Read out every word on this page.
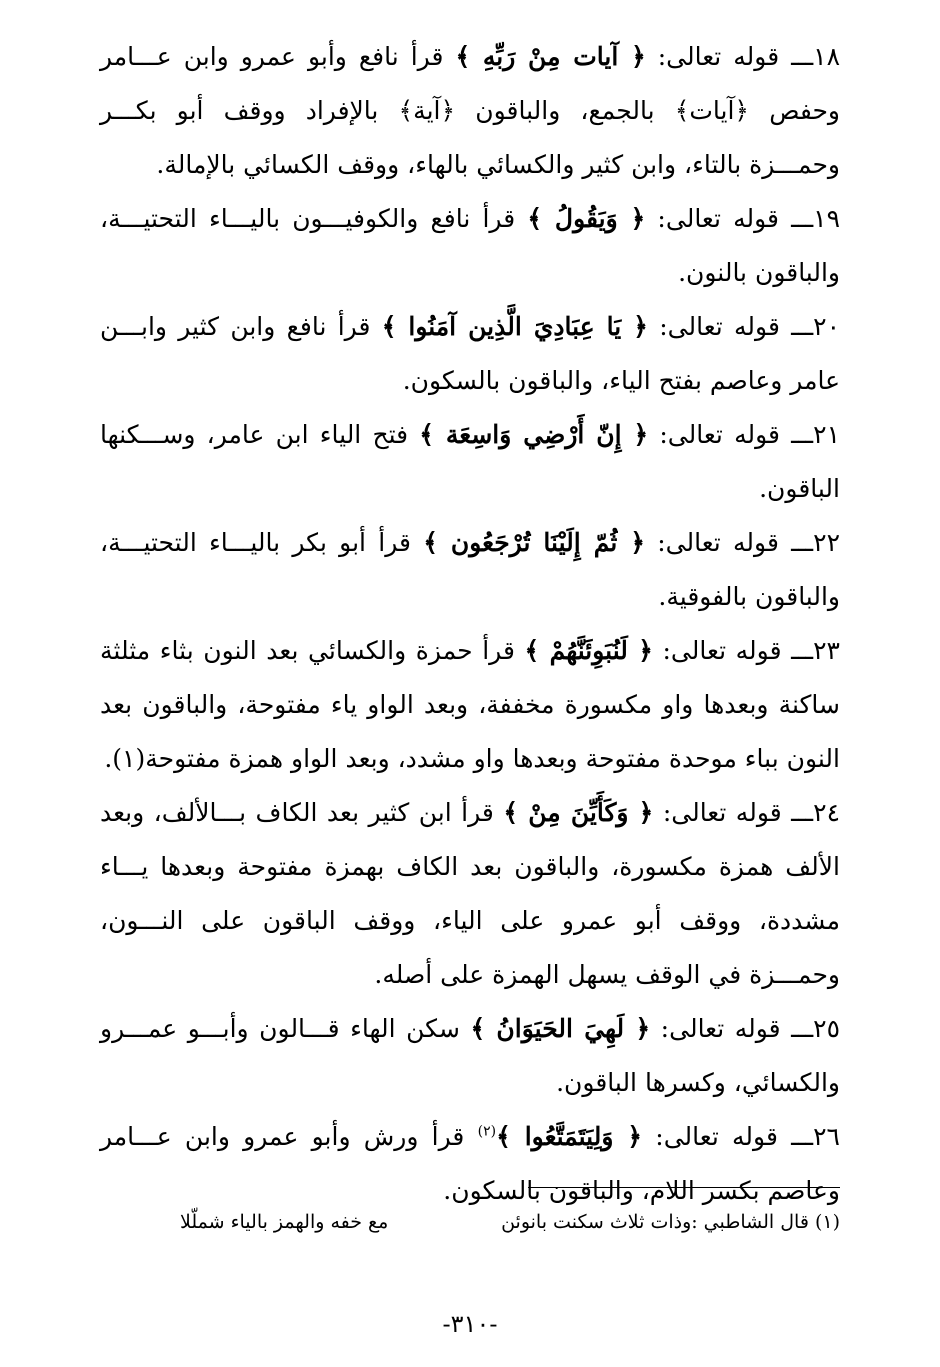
١٨ـــ قوله تعالى: ﴿ آيات مِنْ رَبِّهِ ﴾ قرأ نافع وأبو عمرو وابن عـــامر وحفص ﴿آيات﴾ بالجمع، والباقون ﴿آية﴾ بالإفراد ووقف أبو بكـــر وحمـــزة بالتاء، وابن كثير والكسائي بالهاء، ووقف الكسائي بالإمالة.

١٩ـــ قوله تعالى: ﴿ وَيَقُولُ ﴾ قرأ نافع والكوفيـــون باليـــاء التحتيـــة، والباقون بالنون.

٢٠ـــ قوله تعالى: ﴿ يَا عِبَادِيَ الَّذِين آمَنُوا ﴾ قرأ نافع وابن كثير وابـــن عامر وعاصم بفتح الياء، والباقون بالسكون.

٢١ـــ قوله تعالى: ﴿ إِنّ أَرْضِي وَاسِعَة ﴾ فتح الياء ابن عامر، وســـكنها الباقون.

٢٢ـــ قوله تعالى: ﴿ ثُمّ إِلَيْنَا تُرْجَعُون ﴾ قرأ أبو بكر باليـــاء التحتيـــة، والباقون بالفوقية.

٢٣ـــ قوله تعالى: ﴿ لَنُبَوِئَنَّهُمْ ﴾ قرأ حمزة والكسائي بعد النون بثاء مثلثة ساكنة وبعدها واو مكسورة مخففة، وبعد الواو ياء مفتوحة، والباقون بعد النون بباء موحدة مفتوحة وبعدها واو مشدد، وبعد الواو همزة مفتوحة(١).

٢٤ـــ قوله تعالى: ﴿ وَكَأَيِّنَ مِنْ ﴾ قرأ ابن كثير بعد الكاف بـــالألف، وبعد الألف همزة مكسورة، والباقون بعد الكاف بهمزة مفتوحة وبعدها يـــاء مشددة، ووقف أبو عمرو على الياء، ووقف الباقون على النـــون، وحمـــزة في الوقف يسهل الهمزة على أصله.

٢٥ـــ قوله تعالى: ﴿ لَهِيَ الحَيَوَانُ ﴾ سكن الهاء قـــالون وأبـــو عمـــرو والكسائي، وكسرها الباقون.

٢٦ـــ قوله تعالى: ﴿ وَلِيَتَمَتَّعُوا ﴾$^{(٢)}$ قرأ ورش وأبو عمرو وابن عـــامر وعاصم بكسر اللام، والباقون بالسكون.

(١) قال الشاطبي :وذات ثلاث سكنت بانوئن
مع خفه والهمز بالياء شملّلا
-٣١٠-
